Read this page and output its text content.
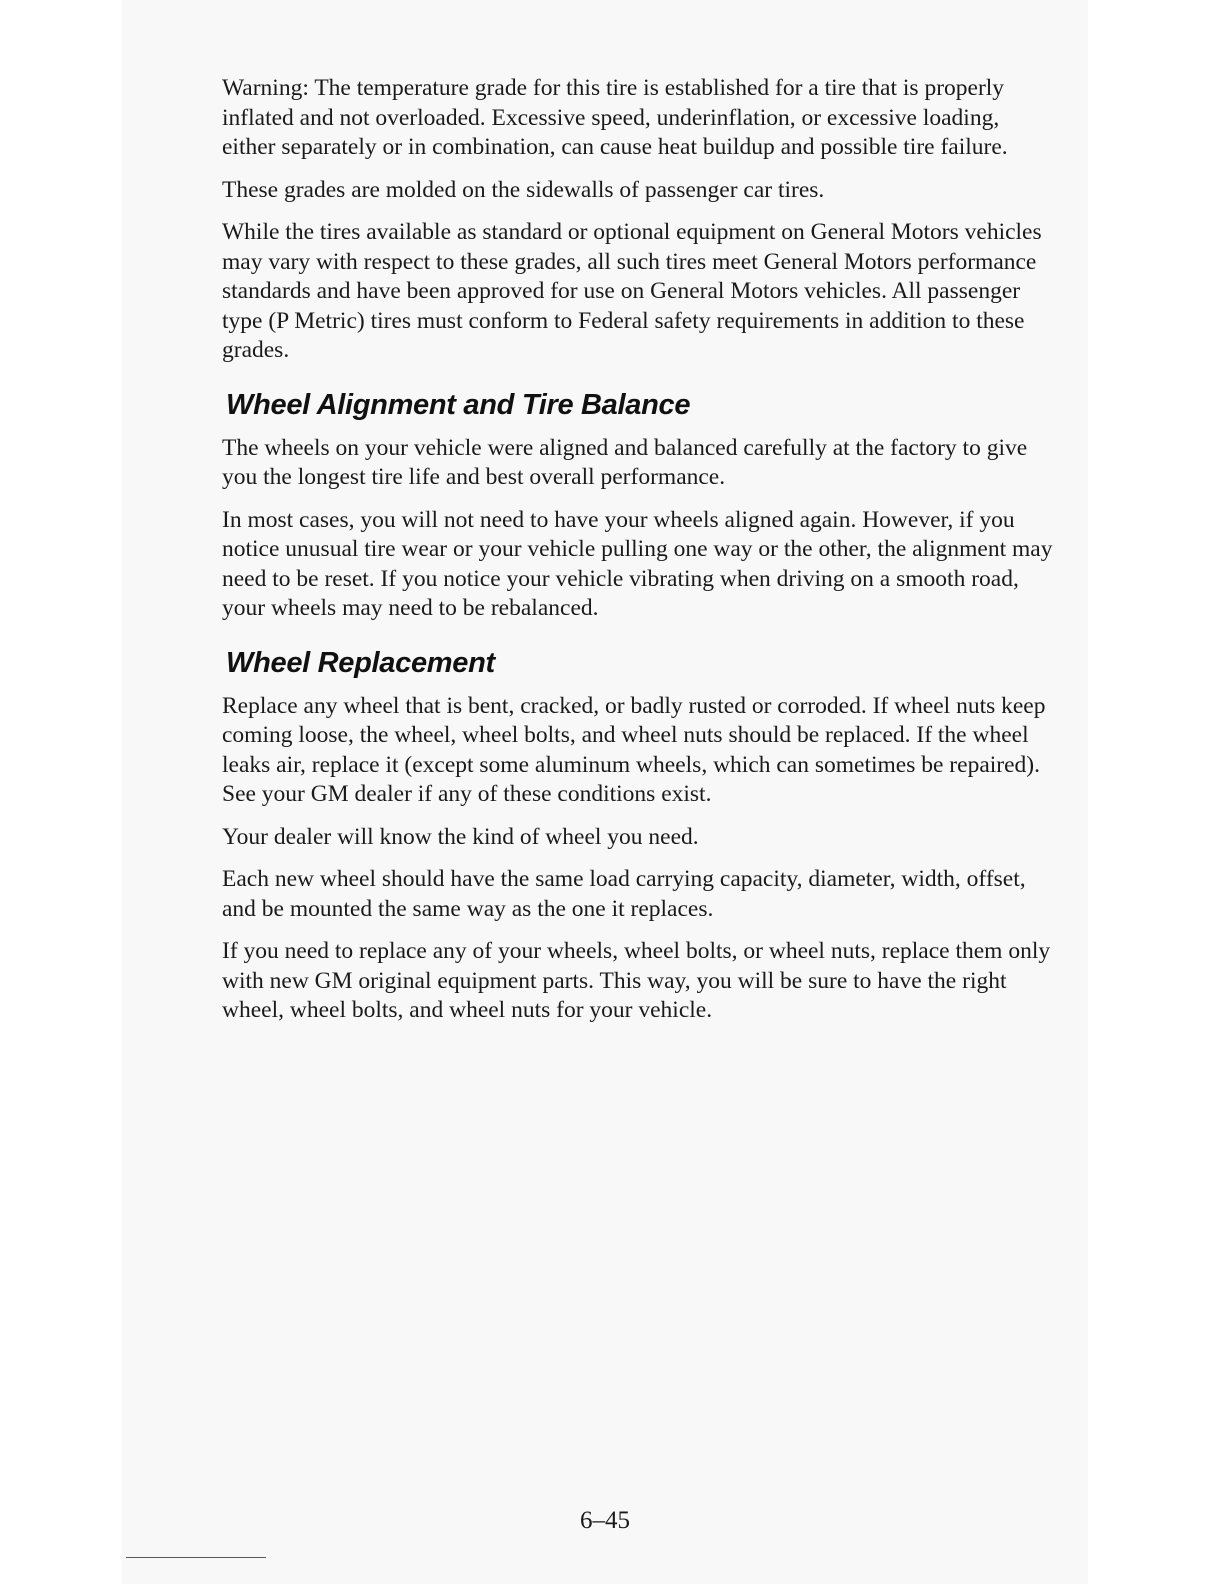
Warning: The temperature grade for this tire is established for a tire that is properly inflated and not overloaded. Excessive speed, underinflation, or excessive loading, either separately or in combination, can cause heat buildup and possible tire failure.

These grades are molded on the sidewalls of passenger car tires.

While the tires available as standard or optional equipment on General Motors vehicles may vary with respect to these grades, all such tires meet General Motors performance standards and have been approved for use on General Motors vehicles. All passenger type (P Metric) tires must conform to Federal safety requirements in addition to these grades.

Wheel Alignment and Tire Balance

The wheels on your vehicle were aligned and balanced carefully at the factory to give you the longest tire life and best overall performance.

In most cases, you will not need to have your wheels aligned again. However, if you notice unusual tire wear or your vehicle pulling one way or the other, the alignment may need to be reset. If you notice your vehicle vibrating when driving on a smooth road, your wheels may need to be rebalanced.

Wheel Replacement

Replace any wheel that is bent, cracked, or badly rusted or corroded. If wheel nuts keep coming loose, the wheel, wheel bolts, and wheel nuts should be replaced. If the wheel leaks air, replace it (except some aluminum wheels, which can sometimes be repaired). See your GM dealer if any of these conditions exist.

Your dealer will know the kind of wheel you need.

Each new wheel should have the same load carrying capacity, diameter, width, offset, and be mounted the same way as the one it replaces.

If you need to replace any of your wheels, wheel bolts, or wheel nuts, replace them only with new GM original equipment parts. This way, you will be sure to have the right wheel, wheel bolts, and wheel nuts for your vehicle.

6–45
